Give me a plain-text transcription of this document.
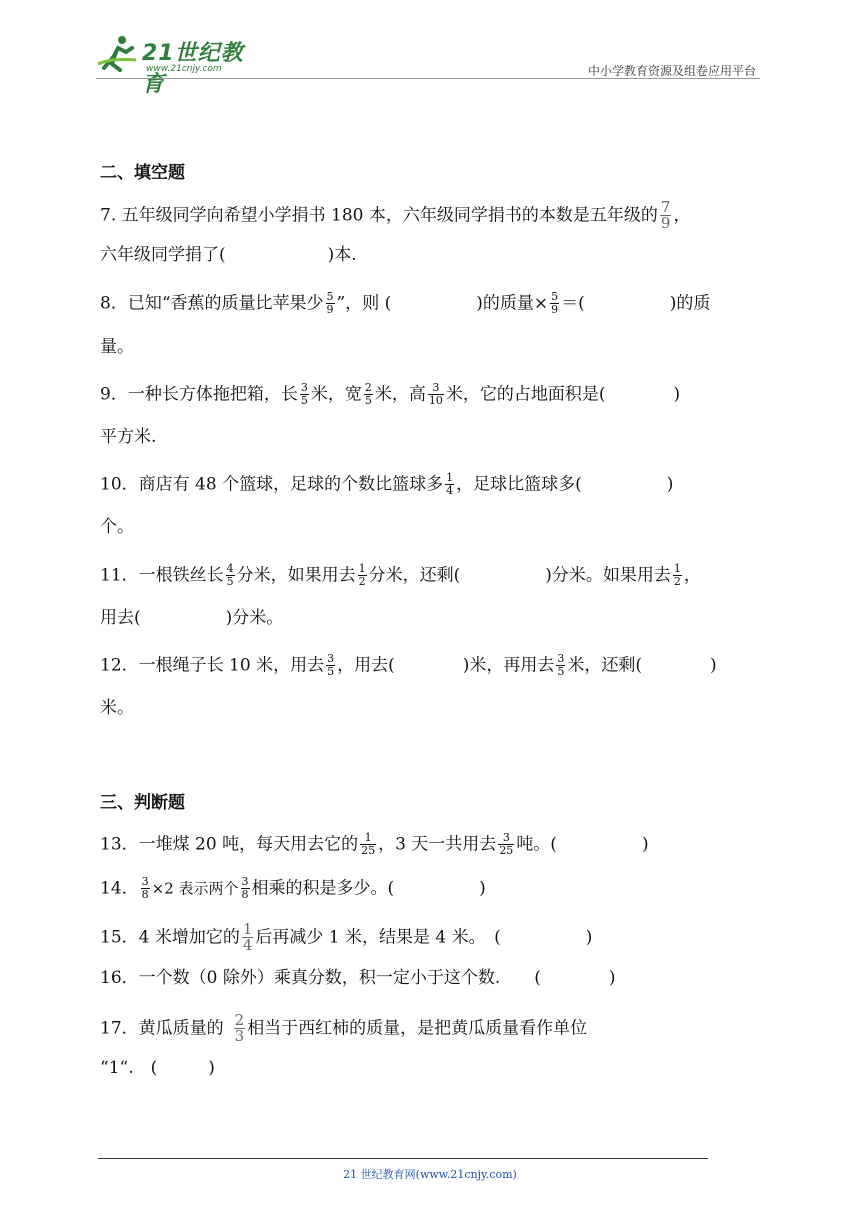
21世纪教育
www.21cnjy.com	中小学教育资源及组卷应用平台
二、填空题
7. 五年级同学向希望小学捐书 180 本，六年级同学捐书的本数是五年级的 $\frac{7}{9}$ ，
六年级同学捐了(　　　　　　)本.
8．已知“香蕉的质量比苹果少 $\frac{5}{9}$ ”，则 (　　　　　)的质量× $\frac{5}{9}$ ＝(　　　　　)的质
量。
9．一种长方体拖把箱，长 $\frac{3}{5}$ 米，宽 $\frac{2}{5}$ 米，高 $\frac{3}{10}$ 米，它的占地面积是(　　　　)
平方米.
10．商店有 48 个篮球，足球的个数比篮球多 $\frac{1}{4}$ ，足球比篮球多(　　　　　)
个。
11．一根铁丝长 $\frac{4}{5}$ 分米，如果用去 $\frac{1}{2}$ 分米，还剩(　　　　　)分米。如果用去 $\frac{1}{2}$ ，
用去(　　　　　)分米。
12．一根绳子长 10 米，用去 $\frac{3}{5}$ ，用去(　　　　)米，再用去 $\frac{3}{5}$ 米，还剩(　　　　)
米。
三、判断题
13．一堆煤 20 吨，每天用去它的 $\frac{1}{25}$ ，3 天一共用去 $\frac{3}{25}$ 吨。(　　　　　)
14． $\frac{3}{8} \times 2$ 表示两个 $\frac{3}{8}$ 相乘的积是多少。(　　　　　)
15．4 米增加它的 $\frac{1}{4}$ 后再减少 1 米，结果是 4 米。　(　　　　　)
16．一个数（0 除外）乘真分数，积一定小于这个数.　　(　　　　)
17．黄瓜质量的 $\frac{2}{3}$ 相当于西红柿的质量，是把黄瓜质量看作单位
“1“.　(　　　)
21 世纪教育网(www.21cnjy.com)
